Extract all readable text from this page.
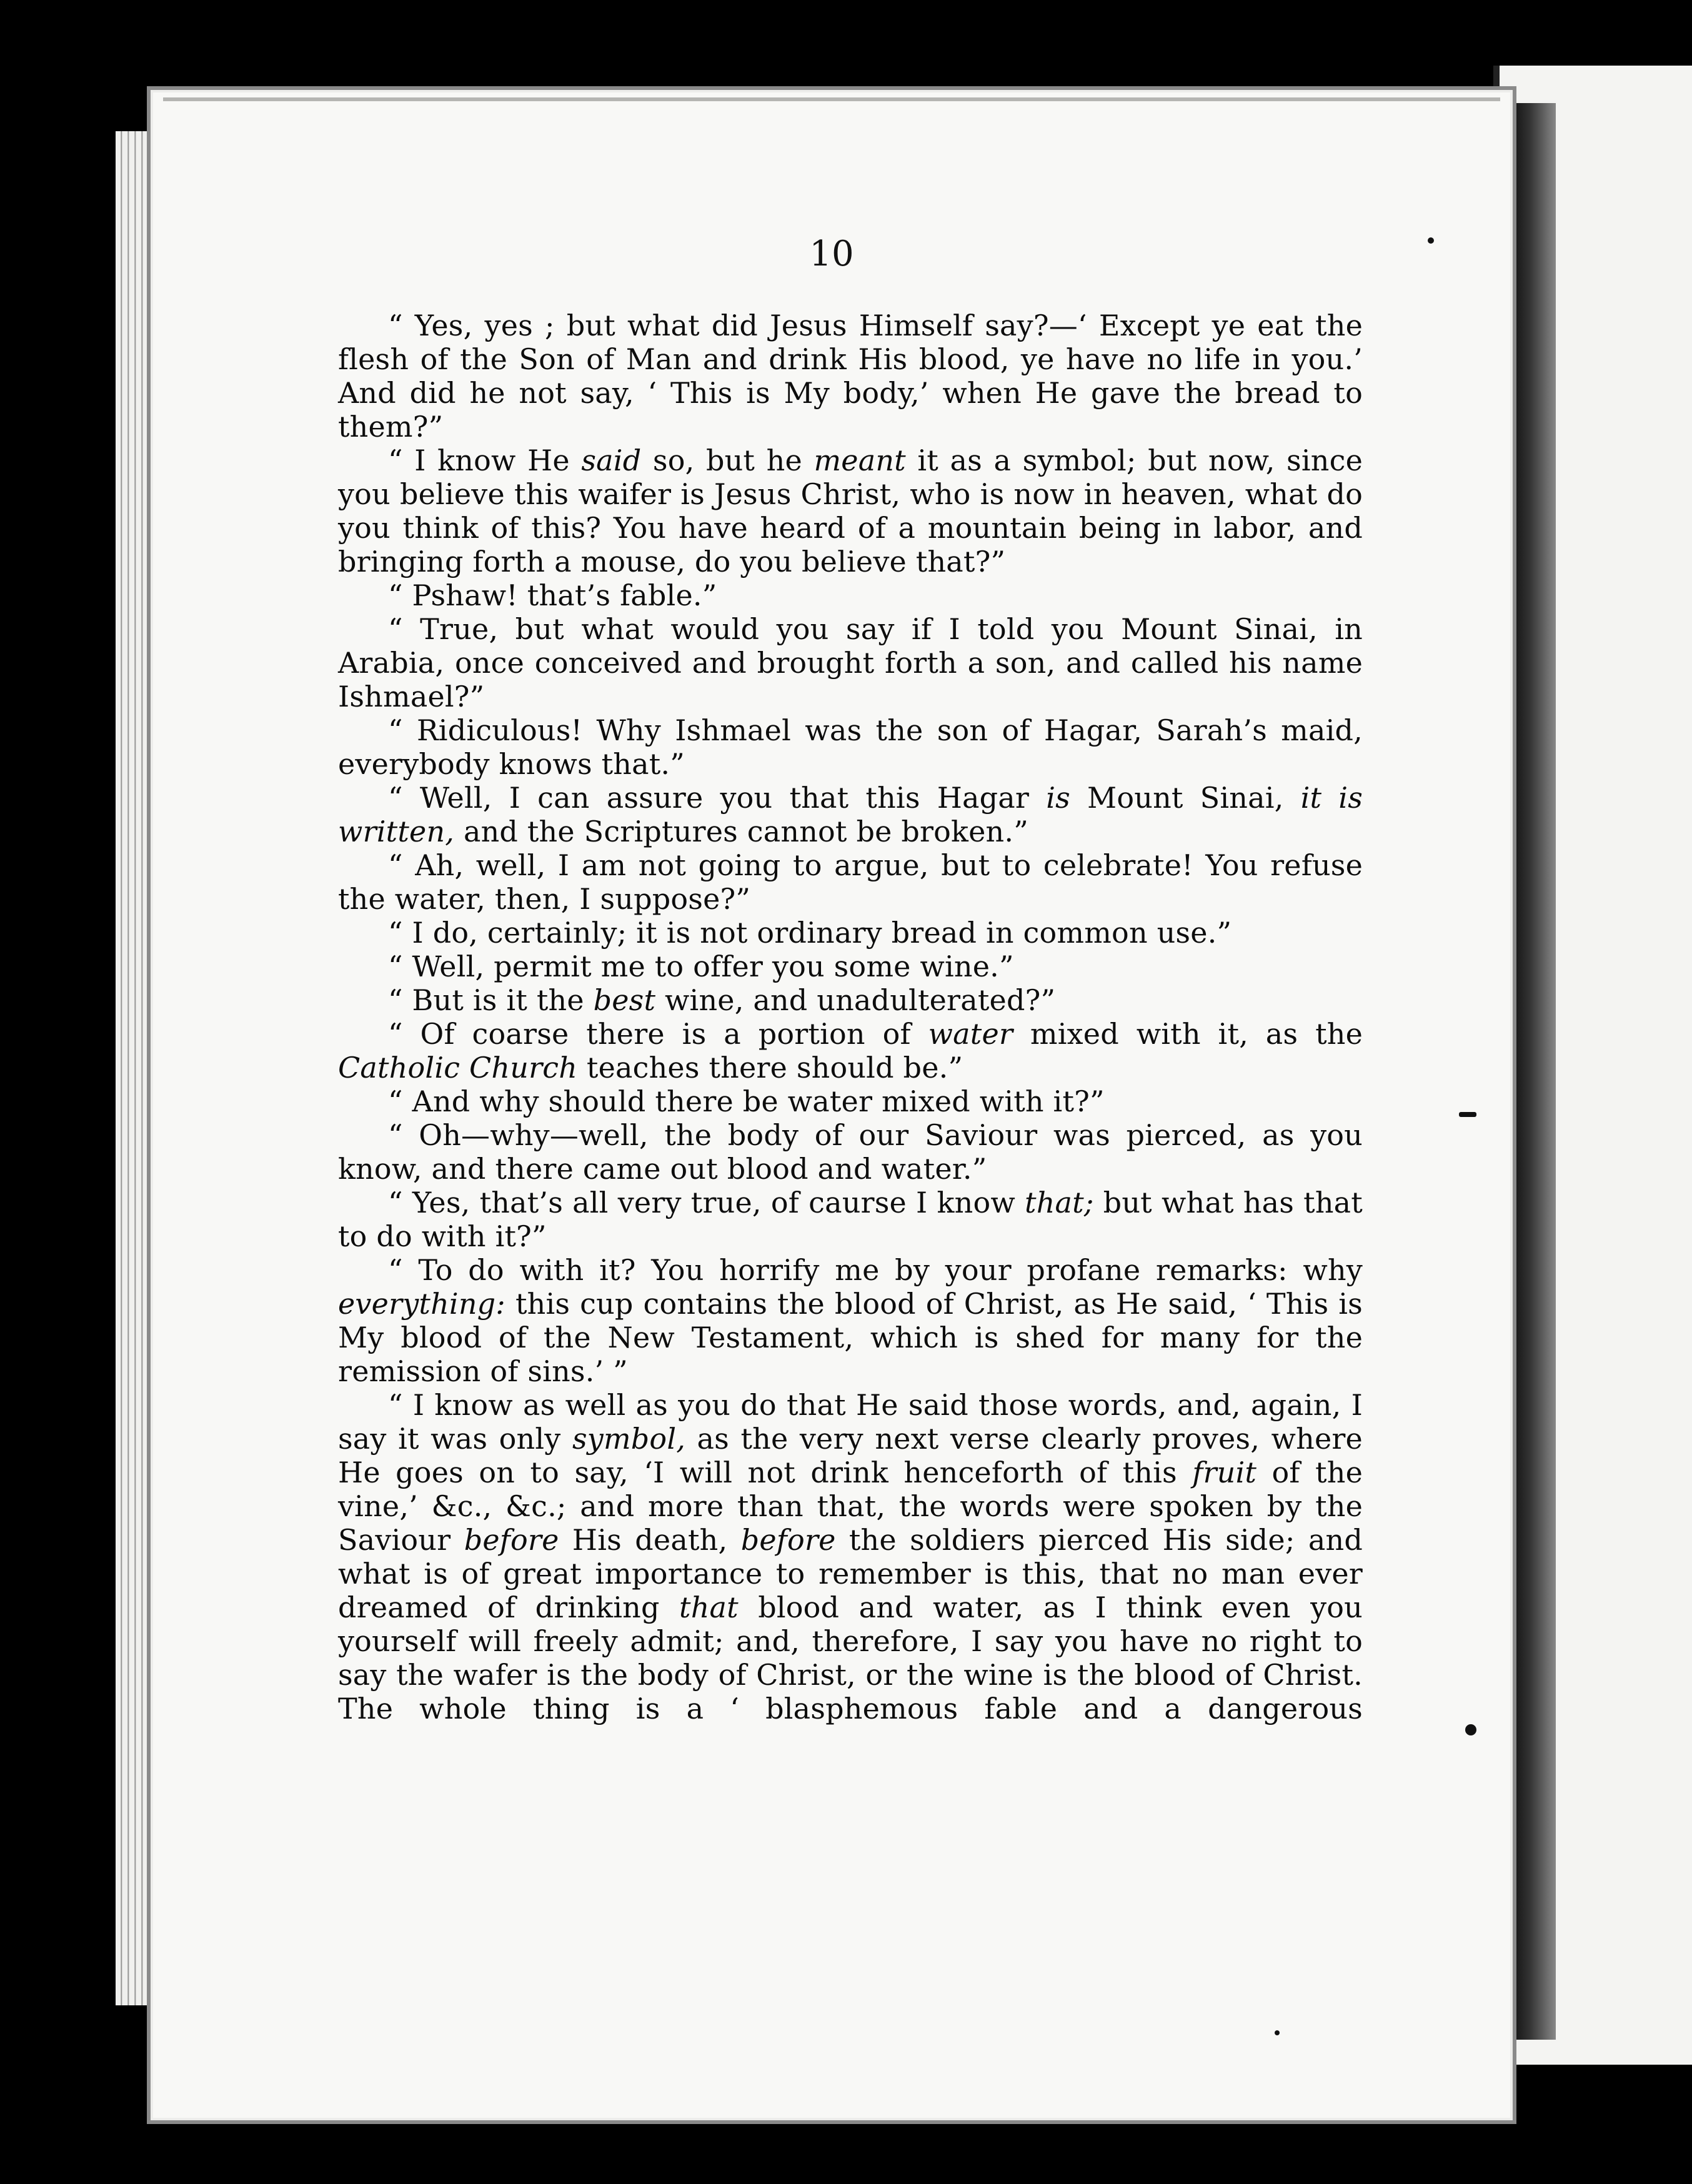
10

“ Yes, yes ; but what did Jesus Himself say?—‘ Except ye eat the flesh of the Son of Man and drink His blood, ye have no life in you.’ And did he not say, ‘ This is My body,’ when He gave the bread to them?”

“ I know He said so, but he meant it as a symbol; but now, since you believe this waifer is Jesus Christ, who is now in heaven, what do you think of this? You have heard of a mountain being in labor, and bringing forth a mouse, do you believe that?”

“ Pshaw! that’s fable.”

“ True, but what would you say if I told you Mount Sinai, in Arabia, once conceived and brought forth a son, and called his name Ishmael?”

“ Ridiculous! Why Ishmael was the son of Hagar, Sarah’s maid, everybody knows that.”

“ Well, I can assure you that this Hagar is Mount Sinai, it is written, and the Scriptures cannot be broken.”

“ Ah, well, I am not going to argue, but to celebrate! You refuse the water, then, I suppose?”

“ I do, certainly; it is not ordinary bread in common use.”

“ Well, permit me to offer you some wine.”

“ But is it the best wine, and unadulterated?”

“ Of coarse there is a portion of water mixed with it, as the Catholic Church teaches there should be.”

“ And why should there be water mixed with it?”

“ Oh—why—well, the body of our Saviour was pierced, as you know, and there came out blood and water.”

“ Yes, that’s all very true, of caurse I know that; but what has that to do with it?”

“ To do with it? You horrify me by your profane remarks: why everything: this cup contains the blood of Christ, as He said, ‘ This is My blood of the New Testament, which is shed for many for the remission of sins.’ ”

“ I know as well as you do that He said those words, and, again, I say it was only symbol, as the very next verse clearly proves, where He goes on to say, ‘I will not drink henceforth of this fruit of the vine,’ &c., &c.; and more than that, the words were spoken by the Saviour before His death, before the soldiers pierced His side; and what is of great importance to remember is this, that no man ever dreamed of drinking that blood and water, as I think even you yourself will freely admit; and, therefore, I say you have no right to say the wafer is the body of Christ, or the wine is the blood of Christ. The whole thing is a ‘ blasphemous fable and a dangerous
